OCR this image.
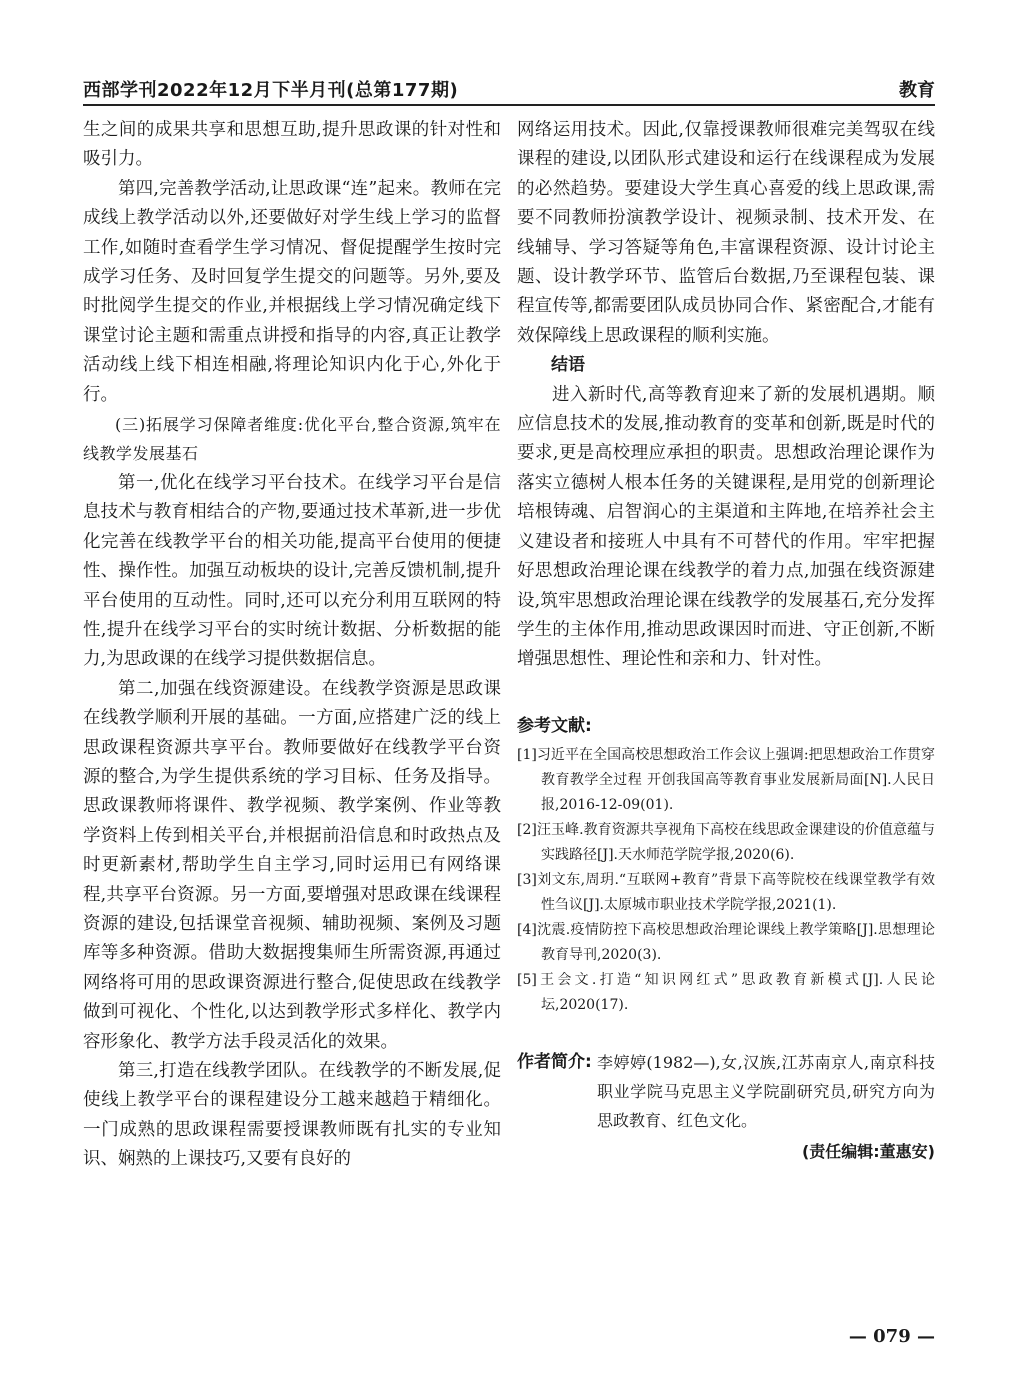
西部学刊2022年12月下半月刊(总第177期)	教育

生之间的成果共享和思想互助,提升思政课的针对性和吸引力。

第四,完善教学活动,让思政课“连”起来。教师在完成线上教学活动以外,还要做好对学生线上学习的监督工作,如随时查看学生学习情况、督促提醒学生按时完成学习任务、及时回复学生提交的问题等。另外,要及时批阅学生提交的作业,并根据线上学习情况确定线下课堂讨论主题和需重点讲授和指导的内容,真正让教学活动线上线下相连相融,将理论知识内化于心,外化于行。

(三)拓展学习保障者维度:优化平台,整合资源,筑牢在线教学发展基石

第一,优化在线学习平台技术。在线学习平台是信息技术与教育相结合的产物,要通过技术革新,进一步优化完善在线教学平台的相关功能,提高平台使用的便捷性、操作性。加强互动板块的设计,完善反馈机制,提升平台使用的互动性。同时,还可以充分利用互联网的特性,提升在线学习平台的实时统计数据、分析数据的能力,为思政课的在线学习提供数据信息。

第二,加强在线资源建设。在线教学资源是思政课在线教学顺利开展的基础。一方面,应搭建广泛的线上思政课程资源共享平台。教师要做好在线教学平台资源的整合,为学生提供系统的学习目标、任务及指导。思政课教师将课件、教学视频、教学案例、作业等教学资料上传到相关平台,并根据前沿信息和时政热点及时更新素材,帮助学生自主学习,同时运用已有网络课程,共享平台资源。另一方面,要增强对思政课在线课程资源的建设,包括课堂音视频、辅助视频、案例及习题库等多种资源。借助大数据搜集师生所需资源,再通过网络将可用的思政课资源进行整合,促使思政在线教学做到可视化、个性化,以达到教学形式多样化、教学内容形象化、教学方法手段灵活化的效果。

第三,打造在线教学团队。在线教学的不断发展,促使线上教学平台的课程建设分工越来越趋于精细化。一门成熟的思政课程需要授课教师既有扎实的专业知识、娴熟的上课技巧,又要有良好的

网络运用技术。因此,仅靠授课教师很难完美驾驭在线课程的建设,以团队形式建设和运行在线课程成为发展的必然趋势。要建设大学生真心喜爱的线上思政课,需要不同教师扮演教学设计、视频录制、技术开发、在线辅导、学习答疑等角色,丰富课程资源、设计讨论主题、设计教学环节、监管后台数据,乃至课程包装、课程宣传等,都需要团队成员协同合作、紧密配合,才能有效保障线上思政课程的顺利实施。

结语

进入新时代,高等教育迎来了新的发展机遇期。顺应信息技术的发展,推动教育的变革和创新,既是时代的要求,更是高校理应承担的职责。思想政治理论课作为落实立德树人根本任务的关键课程,是用党的创新理论培根铸魂、启智润心的主渠道和主阵地,在培养社会主义建设者和接班人中具有不可替代的作用。牢牢把握好思想政治理论课在线教学的着力点,加强在线资源建设,筑牢思想政治理论课在线教学的发展基石,充分发挥学生的主体作用,推动思政课因时而进、守正创新,不断增强思想性、理论性和亲和力、针对性。

参考文献:

[1]习近平在全国高校思想政治工作会议上强调:把思想政治工作贯穿教育教学全过程 开创我国高等教育事业发展新局面[N].人民日报,2016-12-09(01).

[2]汪玉峰.教育资源共享视角下高校在线思政金课建设的价值意蕴与实践路径[J].天水师范学院学报,2020(6).

[3]刘文东,周玥.“互联网+教育”背景下高等院校在线课堂教学有效性刍议[J].太原城市职业技术学院学报,2021(1).

[4]沈震.疫情防控下高校思想政治理论课线上教学策略[J].思想理论教育导刊,2020(3).

[5]王会文.打造“知识网红式”思政教育新模式[J].人民论坛,2020(17).

作者简介: 李婷婷(1982—),女,汉族,江苏南京人,南京科技职业学院马克思主义学院副研究员,研究方向为思政教育、红色文化。
(责任编辑:董惠安)
— 079 —
